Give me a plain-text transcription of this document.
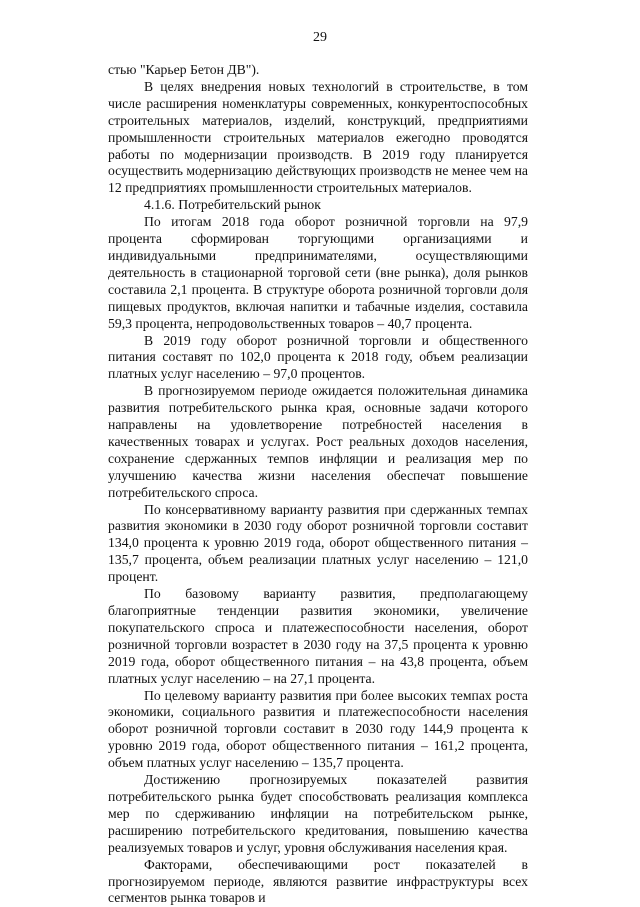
29

стью "Карьер Бетон ДВ").

В целях внедрения новых технологий в строительстве, в том числе расширения номенклатуры современных, конкурентоспособных строительных материалов, изделий, конструкций, предприятиями промышленности строительных материалов ежегодно проводятся работы по модернизации производств. В 2019 году планируется осуществить модернизацию действующих производств не менее чем на 12 предприятиях промышленности строительных материалов.

4.1.6. Потребительский рынок

По итогам 2018 года оборот розничной торговли на 97,9 процента сформирован торгующими организациями и индивидуальными предпринимателями, осуществляющими деятельность в стационарной торговой сети (вне рынка), доля рынков составила 2,1 процента. В структуре оборота розничной торговли доля пищевых продуктов, включая напитки и табачные изделия, составила 59,3 процента, непродовольственных товаров – 40,7 процента.

В 2019 году оборот розничной торговли и общественного питания составят по 102,0 процента к 2018 году, объем реализации платных услуг населению – 97,0 процентов.

В прогнозируемом периоде ожидается положительная динамика развития потребительского рынка края, основные задачи которого направлены на удовлетворение потребностей населения в качественных товарах и услугах. Рост реальных доходов населения, сохранение сдержанных темпов инфляции и реализация мер по улучшению качества жизни населения обеспечат повышение потребительского спроса.

По консервативному варианту развития при сдержанных темпах развития экономики в 2030 году оборот розничной торговли составит 134,0 процента к уровню 2019 года, оборот общественного питания – 135,7 процента, объем реализации платных услуг населению – 121,0 процент.

По базовому варианту развития, предполагающему благоприятные тенденции развития экономики, увеличение покупательского спроса и платежеспособности населения, оборот розничной торговли возрастет в 2030 году на 37,5 процента к уровню 2019 года, оборот общественного питания – на 43,8 процента, объем платных услуг населению – на 27,1 процента.

По целевому варианту развития при более высоких темпах роста экономики, социального развития и платежеспособности населения оборот розничной торговли составит в 2030 году 144,9 процента к уровню 2019 года, оборот общественного питания – 161,2 процента, объем платных услуг населению – 135,7 процента.

Достижению прогнозируемых показателей развития потребительского рынка будет способствовать реализация комплекса мер по сдерживанию инфляции на потребительском рынке, расширению потребительского кредитования, повышению качества реализуемых товаров и услуг, уровня обслуживания населения края.

Факторами, обеспечивающими рост показателей в прогнозируемом периоде, являются развитие инфраструктуры всех сегментов рынка товаров и
